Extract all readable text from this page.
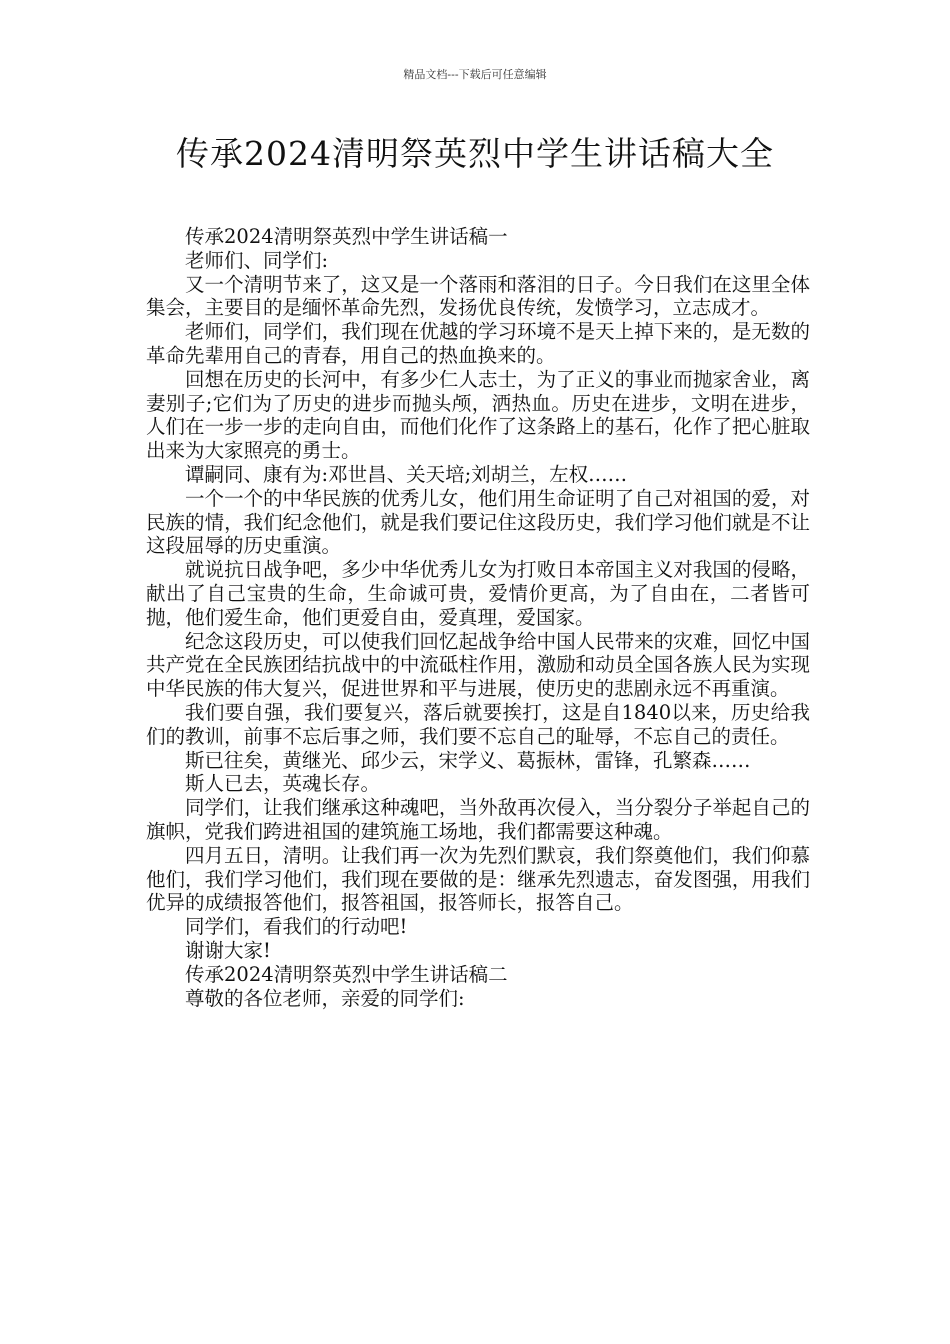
精品文档---下载后可任意编辑
传承2024清明祭英烈中学生讲话稿大全

传承2024清明祭英烈中学生讲话稿一

老师们、同学们:

又一个清明节来了，这又是一个落雨和落泪的日子。今日我们在这里全体集会，主要目的是缅怀革命先烈，发扬优良传统，发愤学习，立志成才。

老师们，同学们，我们现在优越的学习环境不是天上掉下来的，是无数的革命先辈用自己的青春，用自己的热血换来的。

回想在历史的长河中，有多少仁人志士，为了正义的事业而抛家舍业，离妻别子;它们为了历史的进步而抛头颅，洒热血。历史在进步，文明在进步，人们在一步一步的走向自由，而他们化作了这条路上的基石，化作了把心脏取出来为大家照亮的勇士。

谭嗣同、康有为:邓世昌、关天培;刘胡兰，左权……

一个一个的中华民族的优秀儿女，他们用生命证明了自己对祖国的爱，对民族的情，我们纪念他们，就是我们要记住这段历史，我们学习他们就是不让这段屈辱的历史重演。

就说抗日战争吧，多少中华优秀儿女为打败日本帝国主义对我国的侵略，献出了自己宝贵的生命，生命诚可贵，爱情价更高，为了自由在，二者皆可抛，他们爱生命，他们更爱自由，爱真理，爱国家。

纪念这段历史，可以使我们回忆起战争给中国人民带来的灾难，回忆中国共产党在全民族团结抗战中的中流砥柱作用，激励和动员全国各族人民为实现中华民族的伟大复兴，促进世界和平与进展，使历史的悲剧永远不再重演。

我们要自强，我们要复兴，落后就要挨打，这是自1840以来，历史给我们的教训，前事不忘后事之师，我们要不忘自己的耻辱，不忘自己的责任。

斯已往矣，黄继光、邱少云，宋学义、葛振林，雷锋，孔繁森……

斯人已去，英魂长存。

同学们，让我们继承这种魂吧，当外敌再次侵入，当分裂分子举起自己的旗帜，党我们跨进祖国的建筑施工场地，我们都需要这种魂。

四月五日，清明。让我们再一次为先烈们默哀，我们祭奠他们，我们仰慕他们，我们学习他们，我们现在要做的是：继承先烈遗志，奋发图强，用我们优异的成绩报答他们，报答祖国，报答师长，报答自己。

同学们，看我们的行动吧!

谢谢大家!

传承2024清明祭英烈中学生讲话稿二

尊敬的各位老师，亲爱的同学们:
